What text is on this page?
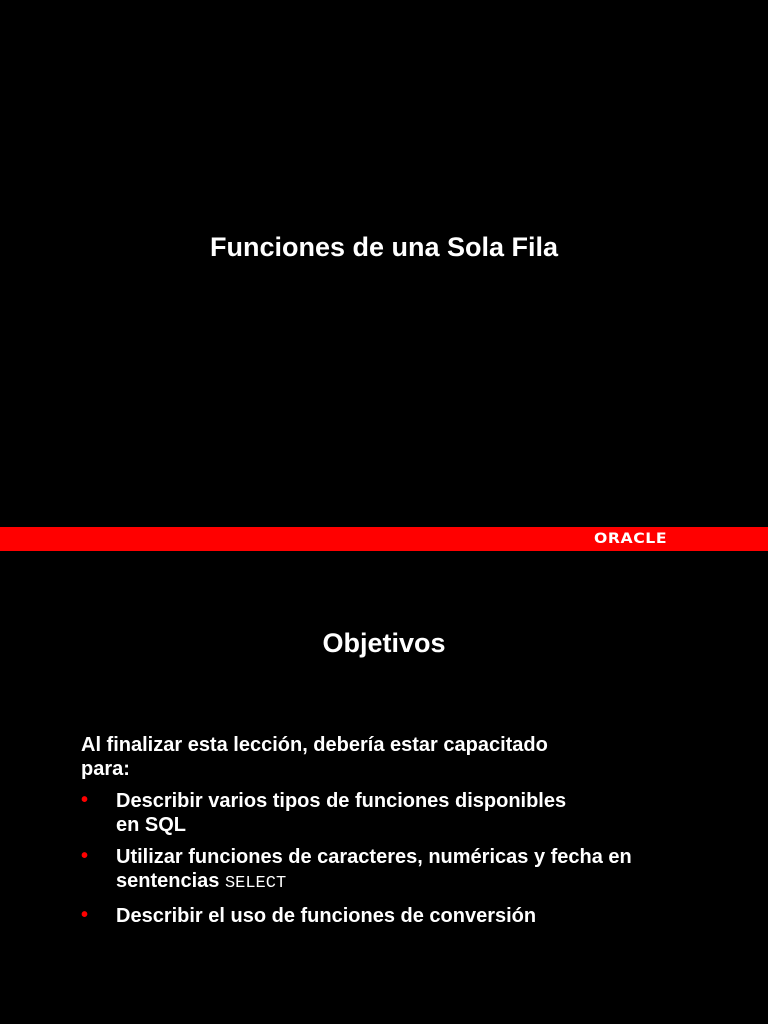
Funciones de una Sola Fila
ORACLE
Objetivos

Al finalizar esta lección, debería estar capacitado
para:

• Describir varios tipos de funciones disponibles
en SQL
• Utilizar funciones de caracteres, numéricas y fecha en
sentencias SELECT
• Describir el uso de funciones de conversión
